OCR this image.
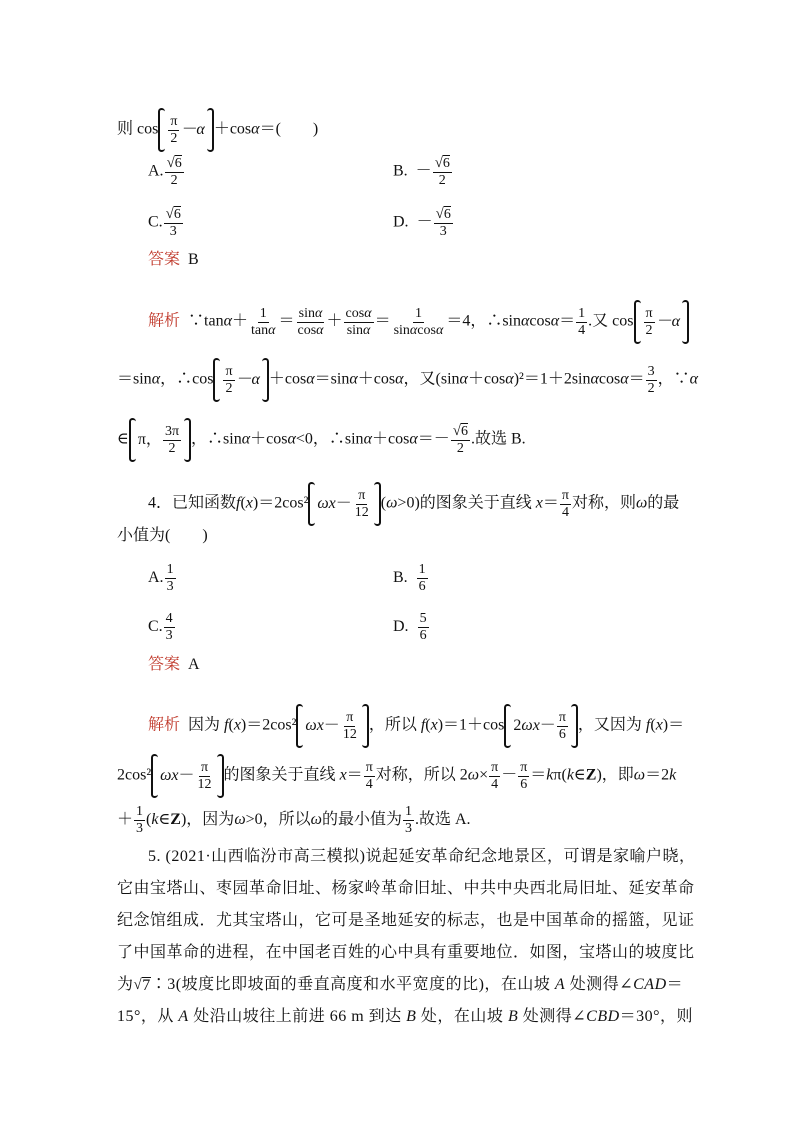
则 $\cos \frac{\pi}{2} -\alpha +\cos\alpha=$(　　)
A. $\frac{√ 6}{2}$	B. － $\frac{√ 6}{2}$
C. $\frac{√ 6}{3}$	D. － $\frac{√ 6}{3}$
答案 B
解析  ∵tanα＋ $\frac{1}{\tan\alpha} = \frac{\sin\alpha}{\cos\alpha} + \frac{\cos\alpha}{\sin\alpha} = \frac{1}{\sin\alpha\cos\alpha} =4$，∴sinαcosα＝ $\frac{1}{4}$ .又 $\cos \frac{\pi}{2} -\alpha$
＝sinα，∴cos $\frac{\pi}{2} -\alpha +\cos\alpha=\sin\alpha+\cos\alpha$，又$(\sin\alpha+\cos\alpha)^2=1+2\sin\alpha\cos\alpha= \frac{3}{2}$ ，∵α
∈ π， $\frac{3\pi}{2}$ ，∴sinα＋cosα<0，∴sinα＋cosα＝－ $\frac{√ 6}{2}$ .故选 B.
4．已知函数f(x)＝2cos² $\omega x - \frac{\pi}{12} (\omega>0)$的图象关于直线 $x= \frac{\pi}{4}$ 对称，则ω的最
小值为(　　)
A. $\frac{1}{3}$	B. $\frac{1}{6}$
C. $\frac{4}{3}$	D. $\frac{5}{6}$
答案 A
解析  因为 f(x)＝2cos² $\omega x - \frac{\pi}{12}$ ，所以 f(x)＝1＋cos 2 $\omega x - \frac{\pi}{6}$ ，又因为 f(x)＝
2cos² $\omega x - \frac{\pi}{12}$ 的图象关于直线 $x= \frac{\pi}{4}$ 对称，所以 $2\omega\times \frac{\pi}{4} - \frac{\pi}{6}$ ＝kπ(k∈Z)，即ω＝2k
＋ $\frac{1}{3}$ (k∈Z)，因为ω>0，所以ω的最小值为 $\frac{1}{3}$ .故选 A.
5. (2021·山西临汾市高三模拟)说起延安革命纪念地景区，可谓是家喻户晓，
它由宝塔山、枣园革命旧址、杨家岭革命旧址、中共中央西北局旧址、延安革命
纪念馆组成．尤其宝塔山，它可是圣地延安的标志，也是中国革命的摇篮，见证
了中国革命的进程，在中国老百姓的心中具有重要地位．如图，宝塔山的坡度比
为 √ 7 ∶3(坡度比即坡面的垂直高度和水平宽度的比)，在山坡 A 处测得∠CAD＝
15°，从 A 处沿山坡往上前进 66 m 到达 B 处，在山坡 B 处测得∠CBD＝30°，则
